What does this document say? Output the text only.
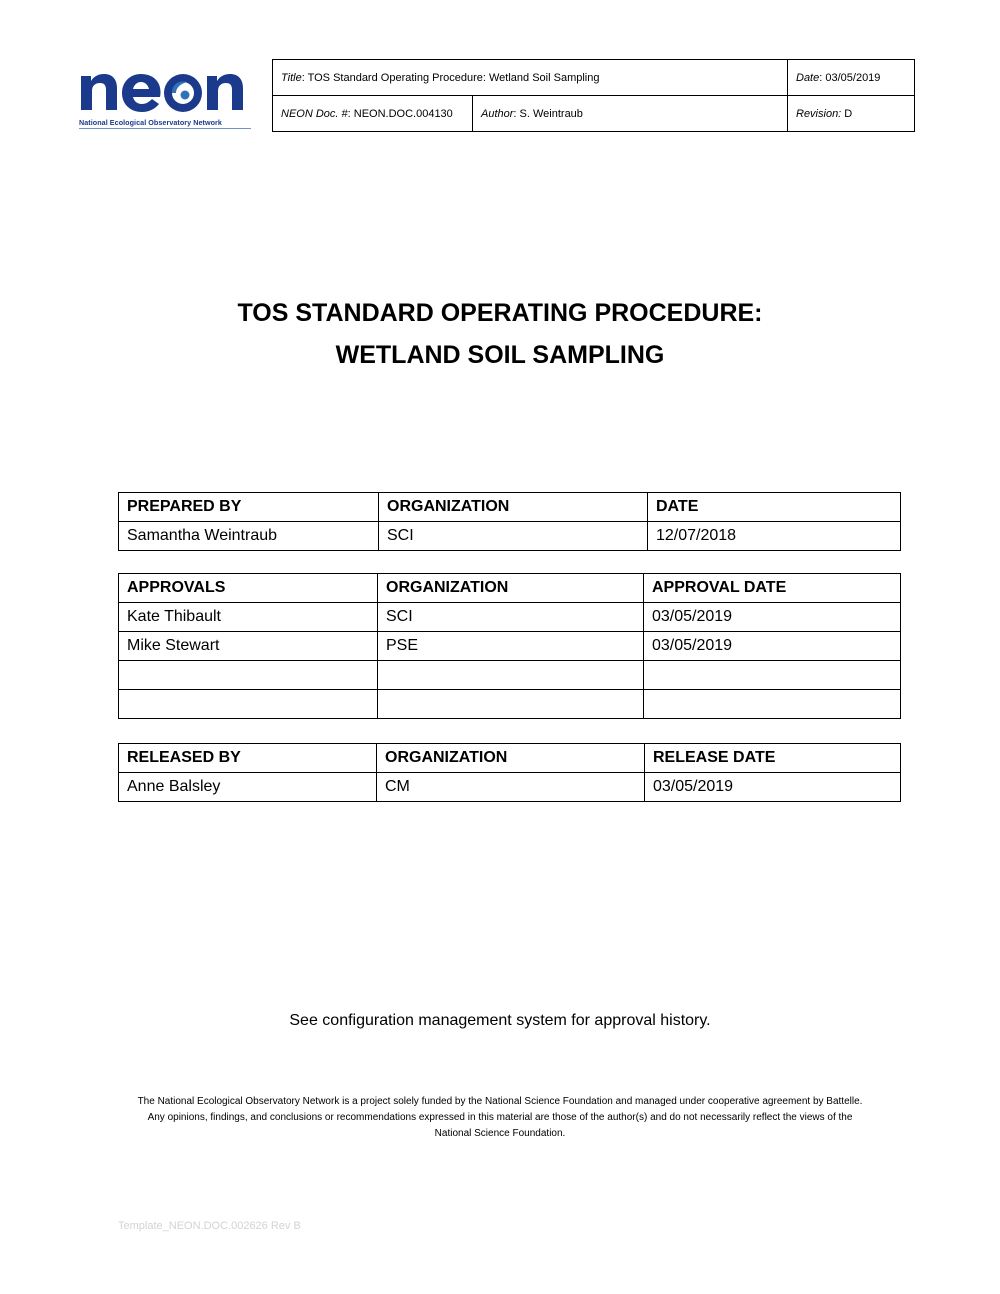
National Ecological Observatory Network
Title: TOS Standard Operating Procedure: Wetland Soil Sampling		Date: 03/05/2019
NEON Doc. #: NEON.DOC.004130	Author: S. Weintraub	Revision: D
TOS STANDARD OPERATING PROCEDURE:
WETLAND SOIL SAMPLING
PREPARED BY	ORGANIZATION	DATE
Samantha Weintraub	SCI	12/07/2018
APPROVALS	ORGANIZATION	APPROVAL DATE
Kate Thibault	SCI	03/05/2019
Mike Stewart	PSE	03/05/2019

RELEASED BY	ORGANIZATION	RELEASE DATE
Anne Balsley	CM	03/05/2019
See configuration management system for approval history.
The National Ecological Observatory Network is a project solely funded by the National Science Foundation and managed under cooperative agreement by Battelle.
Any opinions, findings, and conclusions or recommendations expressed in this material are those of the author(s) and do not necessarily reflect the views of the
National Science Foundation.
Template_NEON.DOC.002626 Rev B
